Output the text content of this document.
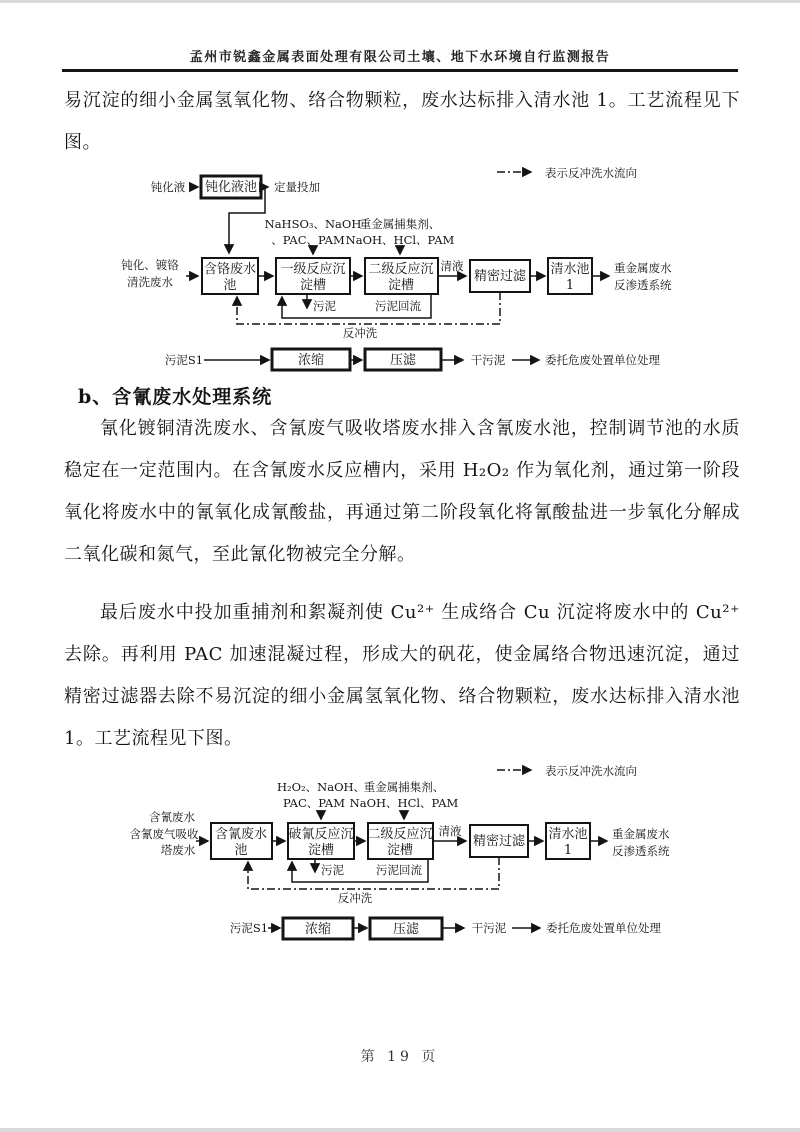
孟州市锐鑫金属表面处理有限公司土壤、地下水环境自行监测报告
易沉淀的细小金属氢氧化物、络合物颗粒，废水达标排入清水池 1。工艺流程见下图。
表示反冲洗水流向
钝化液 钝化液池 定量投加
NaHSO₃、NaOH
、PAC、PAM
重金属捕集剂、
NaOH、HCl、PAM
钝化、镀铬
清洗废水
含铬废水
池
一级反应沉
淀槽
二级反应沉
淀槽
清液
精密过滤 清水池
1
重金属废水
反渗透系统
污泥	污泥回流
反冲洗
污泥S1	浓缩	压滤	干污泥	委托危废处置单位处理
b、含氰废水处理系统
氰化镀铜清洗废水、含氰废气吸收塔废水排入含氰废水池，控制调节池的水质稳定在一定范围内。在含氰废水反应槽内，采用 H₂O₂ 作为氧化剂，通过第一阶段氧化将废水中的氰氧化成氰酸盐，再通过第二阶段氧化将氰酸盐进一步氧化分解成二氧化碳和氮气，至此氰化物被完全分解。
最后废水中投加重捕剂和絮凝剂使 Cu²⁺ 生成络合 Cu 沉淀将废水中的 Cu²⁺ 去除。再利用 PAC 加速混凝过程，形成大的矾花，使金属络合物迅速沉淀，通过精密过滤器去除不易沉淀的细小金属氢氧化物、络合物颗粒，废水达标排入清水池 1。工艺流程见下图。
表示反冲洗水流向
H₂O₂、NaOH、
PAC、PAM
重金属捕集剂、
NaOH、HCl、PAM
含氰废水
含氰废气吸收
塔废水
含氰废水
池
破氰反应沉
淀槽
二级反应沉
淀槽
清液
精密过滤 清水池
1
重金属废水
反渗透系统
污泥	污泥回流
反冲洗
污泥S1	浓缩	压滤	干污泥	委托危废处置单位处理
第 19 页
